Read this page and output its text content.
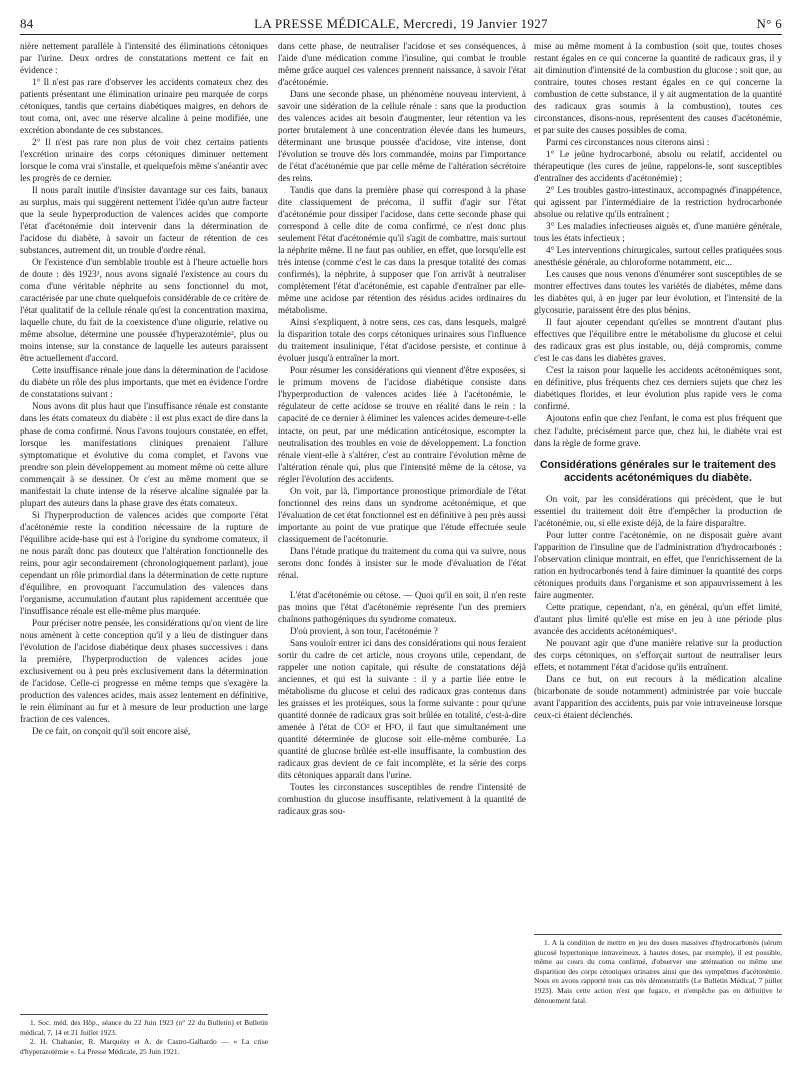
84	LA PRESSE MÉDICALE, Mercredi, 19 Janvier 1927	N° 6

nière nettement parallèle à l'intensité des éliminations cétoniques par l'urine. Deux ordres de constatations mettent ce fait en évidence :

1° Il n'est pas rare d'observer les accidents comateux chez des patients présentant une élimination urinaire peu marquée de corps cétoniques, tandis que certains diabétiques maigres, en dehors de tout coma, ont, avec une réserve alcaline à peine modifiée, une excrétion abondante de ces substances.

2° Il n'est pas rare non plus de voir chez certains patients l'excrétion urinaire des corps cétoniques diminuer nettement lorsque le coma vrai s'installe, et quelquefois même s'anéantir avec les progrès de ce dernier.

Il nous paraît inutile d'insister davantage sur ces faits, banaux au surplus, mais qui suggèrent nettement l'idée qu'un autre facteur que la seule hyperproduction de valences acides que comporte l'état d'acétonémie doit intervenir dans la détermination de l'acidose du diabète, à savoir un facteur de rétention de ces substances, autrement dit, un trouble d'ordre rénal.

Or l'existence d'un semblable trouble est à l'heure actuelle hors de doute : dès 1923¹, nous avons signalé l'existence au cours du coma d'une véritable néphrite au sens fonctionnel du mot, caractérisée par une chute quelquefois considérable de ce critère de l'état qualitatif de la cellule rénale qu'est la concentration maxima, laquelle chute, du fait de la coexistence d'une oligurie, relative ou même absolue, détermine une poussée d'hyperazotémie², plus ou moins intense, sur la constance de laquelle les auteurs paraissent être actuellement d'accord.

Cette insuffisance rénale joue dans la détermination de l'acidose du diabète un rôle des plus importants, que met en évidence l'ordre de constatations suivant :

Nous avons dit plus haut que l'insuffisance rénale est constante dans les états comateux du diabète : il est plus exact de dire dans la phase de coma confirmé. Nous l'avons toujours constatée, en effet, lorsque les manifestations cliniques prenaient l'allure symptomatique et évolutive du coma complet, et l'avons vue prendre son plein développement au moment même où cette allure commençait à se dessiner. Or c'est au même moment que se manifestait la chute intense de la réserve alcaline signalée par la plupart des auteurs dans la phase grave des états comateux.

Si l'hyperproduction de valences acides que comporte l'état d'acétonémie reste la condition nécessaire de la rupture de l'équilibre acide-base qui est à l'origine du syndrome comateux, il ne nous paraît donc pas douteux que l'altération fonctionnelle des reins, pour agir secondairement (chronologiquement parlant), joue cependant un rôle primordial dans la détermination de cette rupture d'équilibre, en provoquant l'accumulation des valences dans l'organisme, accumulation d'autant plus rapidement accentuée que l'insuffisance rénale est elle-même plus marquée.

Pour préciser notre pensée, les considérations qu'on vient de lire nous amènent à cette conception qu'il y a lieu de distinguer dans l'évolution de l'acidose diabétique deux phases successives : dans la première, l'hyperproduction de valences acides joue exclusivement ou à peu près exclusivement dans la détermination de l'acidose. Celle-ci progresse en même temps que s'exagère la production des valences acides, mais assez lentement en définitive, le rein éliminant au fur et à mesure de leur production une large fraction de ces valences.

De ce fait, on conçoit qu'il soit encore aisé,

1. Soc. méd. des Hôp., séance du 22 Juin 1923 (n° 22 du Bulletin) et Bulletin médical, 7, 14 et 21 Juillet 1923.

2. H. Chabanier, R. Marquézy et A. de Castro-Galhardo — « La crise d'hyperazotémie ». La Presse Médicale, 25 Juin 1921.

dans cette phase, de neutraliser l'acidose et ses conséquences, à l'aide d'une médication comme l'insuline, qui combat le trouble même grâce auquel ces valences prennent naissance, à savoir l'état d'acétonémie.

Dans une seconde phase, un phénomène nouveau intervient, à savoir une sidération de la cellule rénale : sans que la production des valences acides ait besoin d'augmenter, leur rétention va les porter brutalement à une concentration élevée dans les humeurs, déterminant une brusque poussée d'acidose, vite intense, dont l'évolution se trouve dès lors commandée, moins par l'importance de l'état d'acétonémie que par celle même de l'altération sécrétoire des reins.

Tandis que dans la première phase qui correspond à la phase dite classiquement de précoma, il suffit d'agir sur l'état d'acétonémie pour dissiper l'acidose, dans cette seconde phase qui correspond à celle dite de coma confirmé, ce n'est donc plus seulement l'état d'acétonémie qu'il s'agit de combattre, mais surtout la néphrite même. Il ne faut pas oublier, en effet, que lorsqu'elle est très intense (comme c'est le cas dans la presque totalité des comas confirmés), la néphrite, à supposer que l'on arrivât à neutraliser complètement l'état d'acétonémie, est capable d'entraîner par elle-même une acidose par rétention des résidus acides ordinaires du métabolisme.

Ainsi s'expliquent, à notre sens, ces cas, dans lesquels, malgré la disparition totale des corps cétoniques urinaires sous l'influence du traitement insulinique, l'état d'acidose persiste, et continue à évoluer jusqu'à entraîner la mort.

Pour résumer les considérations qui viennent d'être exposées, si le primum movens de l'acidose diabétique consiste dans l'hyperproduction de valences acides liée à l'acétonémie, le régulateur de cette acidose se trouve en réalité dans le rein : la capacité de ce dernier à éliminer les valences acides demeure-t-elle intacte, on peut, par une médication anticétosique, escompter la neutralisation des troubles en voie de développement. La fonction rénale vient-elle à s'altérer, c'est au contraire l'évolution même de l'altération rénale qui, plus que l'intensité même de la cétose, va régler l'évolution des accidents.

On voit, par là, l'importance pronostique primordiale de l'état fonctionnel des reins dans un syndrome acétonémique, et que l'évaluation de cet état fonctionnel est en définitive à peu près aussi importante au point de vue pratique que l'étude effectuée seule classiquement de l'acétonurie.

Dans l'étude pratique du traitement du coma qui va suivre, nous serons donc fondés à insister sur le mode d'évaluation de l'état rénal.

L'état d'acétonémie ou cétose. — Quoi qu'il en soit, il n'en reste pas moins que l'état d'acétonémie représente l'un des premiers chaînons pathogéniques du syndrome comateux.

D'où provient, à son tour, l'acétonémie ?

Sans vouloir entrer ici dans des considérations qui nous feraient sortir du cadre de cet article, nous croyons utile, cependant, de rappeler une notion capitale, qui résulte de constatations déjà anciennes, et qui est la suivante : il y a partie liée entre le métabolisme du glucose et celui des radicaux gras contenus dans les graisses et les protéiques, sous la forme suivante : pour qu'une quantité donnée de radicaux gras soit brûlée en totalité, c'est-à-dire amenée à l'état de CO² et H²O, il faut que simultanément une quantité déterminée de glucose soit elle-même comburée. La quantité de glucose brûlée est-elle insuffisante, la combustion des radicaux gras devient de ce fait incomplète, et la série des corps dits cétoniques apparaît dans l'urine.

Toutes les circonstances susceptibles de rendre l'intensité de combustion du glucose insuffisante, relativement à la quantité de radicaux gras sou-

mise au même moment à la combustion (soit que, toutes choses restant égales en ce qui concerne la quantité de radicaux gras, il y ait diminution d'intensité de la combustion du glucose ; soit que, au contraire, toutes choses restant égales en ce qui concerne la combustion de cette substance, il y ait augmentation de la quantité des radicaux gras soumis à la combustion), toutes ces circonstances, disons-nous, représentent des causes d'acétonémie, et par suite des causes possibles de coma.

Parmi ces circonstances nous citerons ainsi :

1° Le jeûne hydrocarboné, absolu ou relatif, accidentel ou thérapeutique (les cures de jeûne, rappelons-le, sont susceptibles d'entraîner des accidents d'acétonémie) ;

2° Les troubles gastro-intestinaux, accompagnés d'inappétence, qui agissent par l'intermédiaire de la restriction hydrocarbonée absolue ou relative qu'ils entraînent ;

3° Les maladies infectieuses aiguës et, d'une manière générale, tous les états infectieux ;

4° Les interventions chirurgicales, surtout celles pratiquées sous anesthésie générale, au chloroforme notamment, etc...

Les causes que nous venons d'énumérer sont susceptibles de se montrer effectives dans toutes les variétés de diabètes, même dans les diabètes qui, à en juger par leur évolution, et l'intensité de la glycosurie, paraissent être des plus bénins.

Il faut ajouter cependant qu'elles se montrent d'autant plus effectives que l'équilibre entre le métabolisme du glucose et celui des radicaux gras est plus instable, ou, déjà compromis, comme c'est le cas dans les diabètes graves.

C'est la raison pour laquelle les accidents acétonémiques sont, en définitive, plus fréquents chez ces derniers sujets que chez les diabétiques florides, et leur évolution plus rapide vers le coma confirmé.

Ajoutons enfin que chez l'enfant, le coma est plus fréquent que chez l'adulte, précisément parce que, chez lui, le diabète vrai est dans la règle de forme grave.

Considérations générales sur le traitement des accidents acétonémiques du diabète.

On voit, par les considérations qui précèdent, que le but essentiel du traitement doit être d'empêcher la production de l'acétonémie, ou, si elle existe déjà, de la faire disparaître.

Pour lutter contre l'acétonémie, on ne disposait guère avant l'apparition de l'insuline que de l'administration d'hydrocarbonés : l'observation clinique montrait, en effet, que l'enrichissement de la ration en hydrocarbonés tend à faire diminuer la quantité des corps cétoniques produits dans l'organisme et son appauvrissement à les faire augmenter.

Cette pratique, cependant, n'a, en général, qu'un effet limité, d'autant plus limité qu'elle est mise en jeu à une période plus avancée des accidents acétonémiques¹.

Ne pouvant agir que d'une manière relative sur la production des corps cétoniques, on s'efforçait surtout de neutraliser leurs effets, et notamment l'état d'acidose qu'ils entraînent.

Dans ce but, on eut recours à la médication alcaline (bicarbonate de soude notamment) administrée par voie buccale avant l'apparition des accidents, puis par voie intraveineuse lorsque ceux-ci étaient déclenchés.

1. A la condition de mettre en jeu des doses massives d'hydrocarbonés (sérum glucosé hypertonique intraveineux, à hautes doses, par exemple), il est possible, même au cours du coma confirmé, d'observer une atténuation ou même une disparition des corps cétoniques urinaires ainsi que des symptômes d'acétonémie. Nous en avons rapporté trois cas très démonstratifs (Le Bulletin Médical, 7 juillet 1923). Mais cette action n'est que fugace, et n'empêche pas en définitive le dénouement fatal.
